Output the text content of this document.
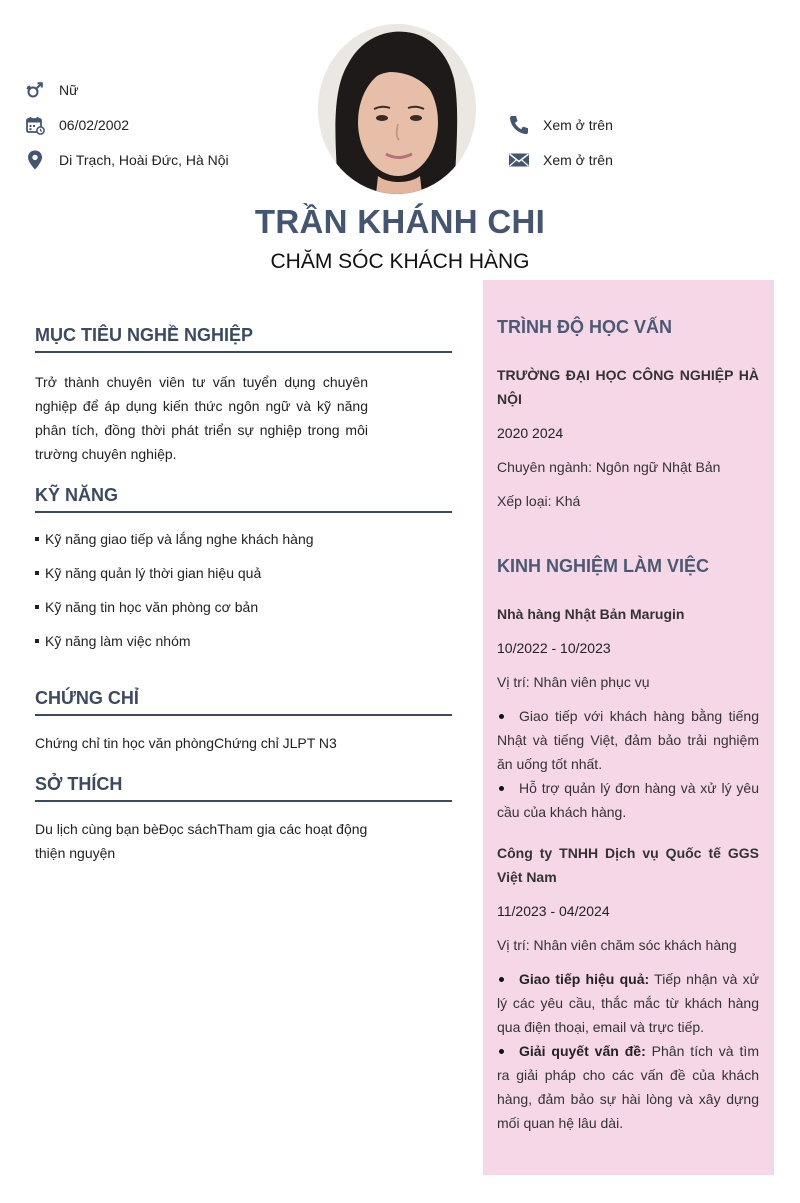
Nữ
06/02/2002
Di Trạch, Hoài Đức, Hà Nội
Xem ở trên
Xem ở trên
TRẦN KHÁNH CHI
CHĂM SÓC KHÁCH HÀNG
MỤC TIÊU NGHỀ NGHIỆP
Trở thành chuyên viên tư vấn tuyển dụng chuyên nghiệp để áp dụng kiến thức ngôn ngữ và kỹ năng phân tích, đồng thời phát triển sự nghiệp trong môi trường chuyên nghiệp.
KỸ NĂNG
Kỹ năng giao tiếp và lắng nghe khách hàng
Kỹ năng quản lý thời gian hiệu quả
Kỹ năng tin học văn phòng cơ bản
Kỹ năng làm việc nhóm
CHỨNG CHỈ
Chứng chỉ tin học văn phòngChứng chỉ JLPT N3
SỞ THÍCH
Du lịch cùng bạn bèĐọc sáchTham gia các hoạt động thiện nguyện
TRÌNH ĐỘ HỌC VẤN
TRƯỜNG ĐẠI HỌC CÔNG NGHIỆP HÀ NỘI
2020 2024
Chuyên ngành: Ngôn ngữ Nhật Bản
Xếp loại: Khá
KINH NGHIỆM LÀM VIỆC
Nhà hàng Nhật Bản Marugin
10/2022 - 10/2023
Vị trí: Nhân viên phục vụ
Giao tiếp với khách hàng bằng tiếng Nhật và tiếng Việt, đảm bảo trải nghiệm ăn uống tốt nhất.
Hỗ trợ quản lý đơn hàng và xử lý yêu cầu của khách hàng.
Công ty TNHH Dịch vụ Quốc tế GGS Việt Nam
11/2023 - 04/2024
Vị trí: Nhân viên chăm sóc khách hàng
Giao tiếp hiệu quả: Tiếp nhận và xử lý các yêu cầu, thắc mắc từ khách hàng qua điện thoại, email và trực tiếp.
Giải quyết vấn đề: Phân tích và tìm ra giải pháp cho các vấn đề của khách hàng, đảm bảo sự hài lòng và xây dựng mối quan hệ lâu dài.
